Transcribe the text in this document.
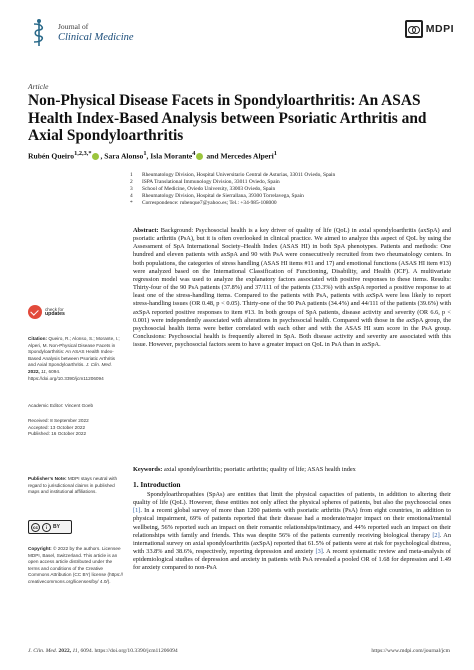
Journal of
Clinical Medicine
MDPI
Article
Non-Physical Disease Facets in Spondyloarthritis: An ASAS Health Index-Based Analysis between Psoriatic Arthritis and Axial Spondyloarthritis
Rubén Queiro$^{1,2,3,*}$ , Sara Alonso$^1$, Isla Morante$^4$ and Mercedes Alperi$^1$
1	Rheumatology Division, Hospital Universitario Central de Asturias, 33011 Oviedo, Spain
2	ISPA Translational Immunology Division, 33011 Oviedo, Spain
3	School of Medicine, Oviedo University, 33003 Oviedo, Spain
4	Rheumatology Division, Hospital de Sierrallana, 39300 Torrelavega, Spain
*	Correspondence: rubenque7@yahoo.es; Tel.: +34-985-108000
Abstract: Background: Psychosocial health is a key driver of quality of life (QoL) in axial spondyloarthritis (axSpA) and psoriatic arthritis (PsA), but it is often overlooked in clinical practice. We aimed to analyze this aspect of QoL by using the Assessment of SpA International Society–Health Index (ASAS HI) in both SpA phenotypes. Patients and methods: One hundred and eleven patients with axSpA and 90 with PsA were consecutively recruited from two rheumatology centers. In both populations, the categories of stress handling (ASAS HI items #11 and 17) and emotional functions (ASAS HI item #13) were analyzed based on the International Classification of Functioning, Disability, and Health (ICF). A multivariate regression model was used to analyze the explanatory factors associated with positive responses to these items. Results: Thirty-four of the 90 PsA patients (37.8%) and 37/111 of the patients (33.3%) with axSpA reported a positive response to at least one of the stress-handling items. Compared to the patients with PsA, patients with axSpA were less likely to report stress-handling issues (OR 0.48, p < 0.05). Thirty-one of the 90 PsA patients (34.4%) and 44/111 of the patients (39.6%) with axSpA reported positive responses to item #13. In both groups of SpA patients, disease activity and severity (OR 6.6, p < 0.001) were independently associated with alterations in psychosocial health. Compared with those in the axSpA group, the psychosocial health items were better correlated with each other and with the ASAS HI sum score in the PsA group. Conclusions: Psychosocial health is frequently altered in SpA. Both disease activity and severity are associated with this issue. However, psychosocial factors seem to have a greater impact on QoL in PsA than in axSpA.
Keywords: axial spondyloarthritis; psoriatic arthritis; quality of life; ASAS health index
1. Introduction
Spondyloarthropathies (SpAs) are entities that limit the physical capacities of patients, in addition to altering their quality of life (QoL). However, these entities not only affect the physical spheres of patients, but also the psychosocial ones [1]. In a recent global survey of more than 1200 patients with psoriatic arthritis (PsA) from eight countries, in addition to physical impairment, 69% of patients reported that their disease had a moderate/major impact on their emotional/mental wellbeing, 56% reported such an impact on their romantic relationships/intimacy, and 44% reported such an impact on their relationships with family and friends. This was despite 56% of the patients currently receiving biological therapy [2]. An international survey on axial spondyloarthritis (axSpA) reported that 61.5% of patients were at risk for psychological distress, with 33.8% and 38.6%, respectively, reporting depression and anxiety [3]. A recent systematic review and meta-analysis of epidemiological studies of depression and anxiety in patients with PsA revealed a pooled OR of 1.68 for depression and 1.49 for anxiety compared to non-PsA
check for
updates
Citation: Queiro, R.; Alonso, S.; Morante, I.; Alperi, M. Non-Physical Disease Facets in Spondyloarthritis: An ASAS Health Index-Based Analysis between Psoriatic Arthritis and Axial Spondyloarthritis. J. Clin. Med. 2022, 11, 6094. https://doi.org/10.3390/jcm11206094
Academic Editor: Vincent Goeb
Received: 8 September 2022
Accepted: 13 October 2022
Published: 16 October 2022
Publisher’s Note: MDPI stays neutral with regard to jurisdictional claims in published maps and institutional affiliations.
cc	i	BY
Copyright: © 2022 by the authors. Licensee MDPI, Basel, Switzerland. This article is an open access article distributed under the terms and conditions of the Creative Commons Attribution (CC BY) license (https:// creativecommons.org/licenses/by/ 4.0/).
J. Clin. Med. 2022, 11, 6094. https://doi.org/10.3390/jcm11206094	https://www.mdpi.com/journal/jcm
